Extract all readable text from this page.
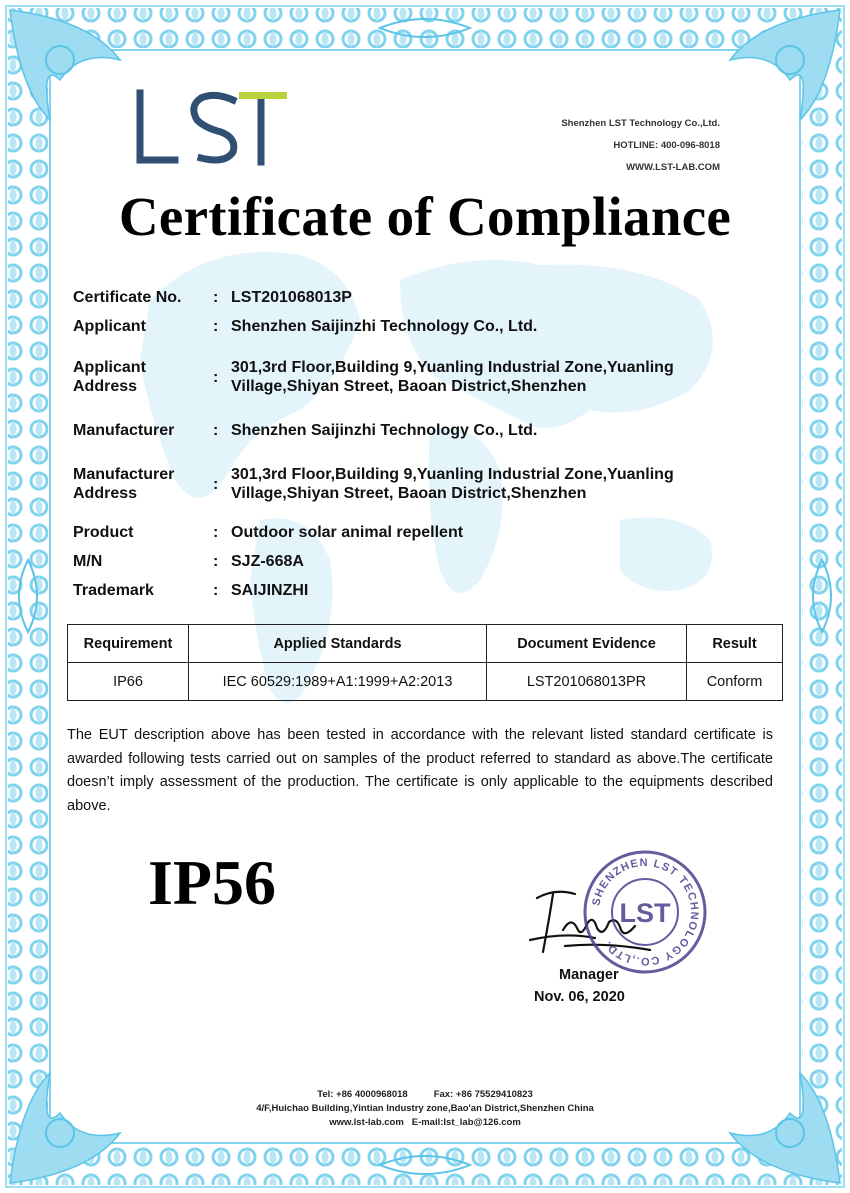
LST
Shenzhen LST Technology Co.,Ltd.
HOTLINE: 400-096-8018
WWW.LST-LAB.COM
Certificate of Compliance
Certificate No.	: LST201068013P
Applicant	: Shenzhen Saijinzhi Technology Co., Ltd.
Applicant
Address
:
301,3rd Floor,Building 9,Yuanling Industrial Zone,Yuanling
Village,Shiyan Street, Baoan District,Shenzhen
Manufacturer	: Shenzhen Saijinzhi Technology Co., Ltd.
Manufacturer
Address
:
301,3rd Floor,Building 9,Yuanling Industrial Zone,Yuanling
Village,Shiyan Street, Baoan District,Shenzhen
Product	: Outdoor solar animal repellent
M/N	: SJZ-668A
Trademark	: SAIJINZHI
Requirement	Applied Standards	Document Evidence	Result
IP66	IEC 60529:1989+A1:1999+A2:2013	LST201068013PR	Conform
The EUT description above has been tested in accordance with the relevant listed standard certificate is awarded following tests carried out on samples of the product referred to standard as above.The certificate doesn’t imply assessment of the production. The certificate is only applicable to the equipments described above.
IP56	SHENZHEN LST TECHNOLOGY CO.,LTD.
LST
Manager
Nov. 06, 2020
Tel: +86 4000968018	Fax: +86 75529410823
4/F,Huichao Building,Yintian Industry zone,Bao'an District,Shenzhen China
www.lst-lab.com E-mail:lst_lab@126.com
